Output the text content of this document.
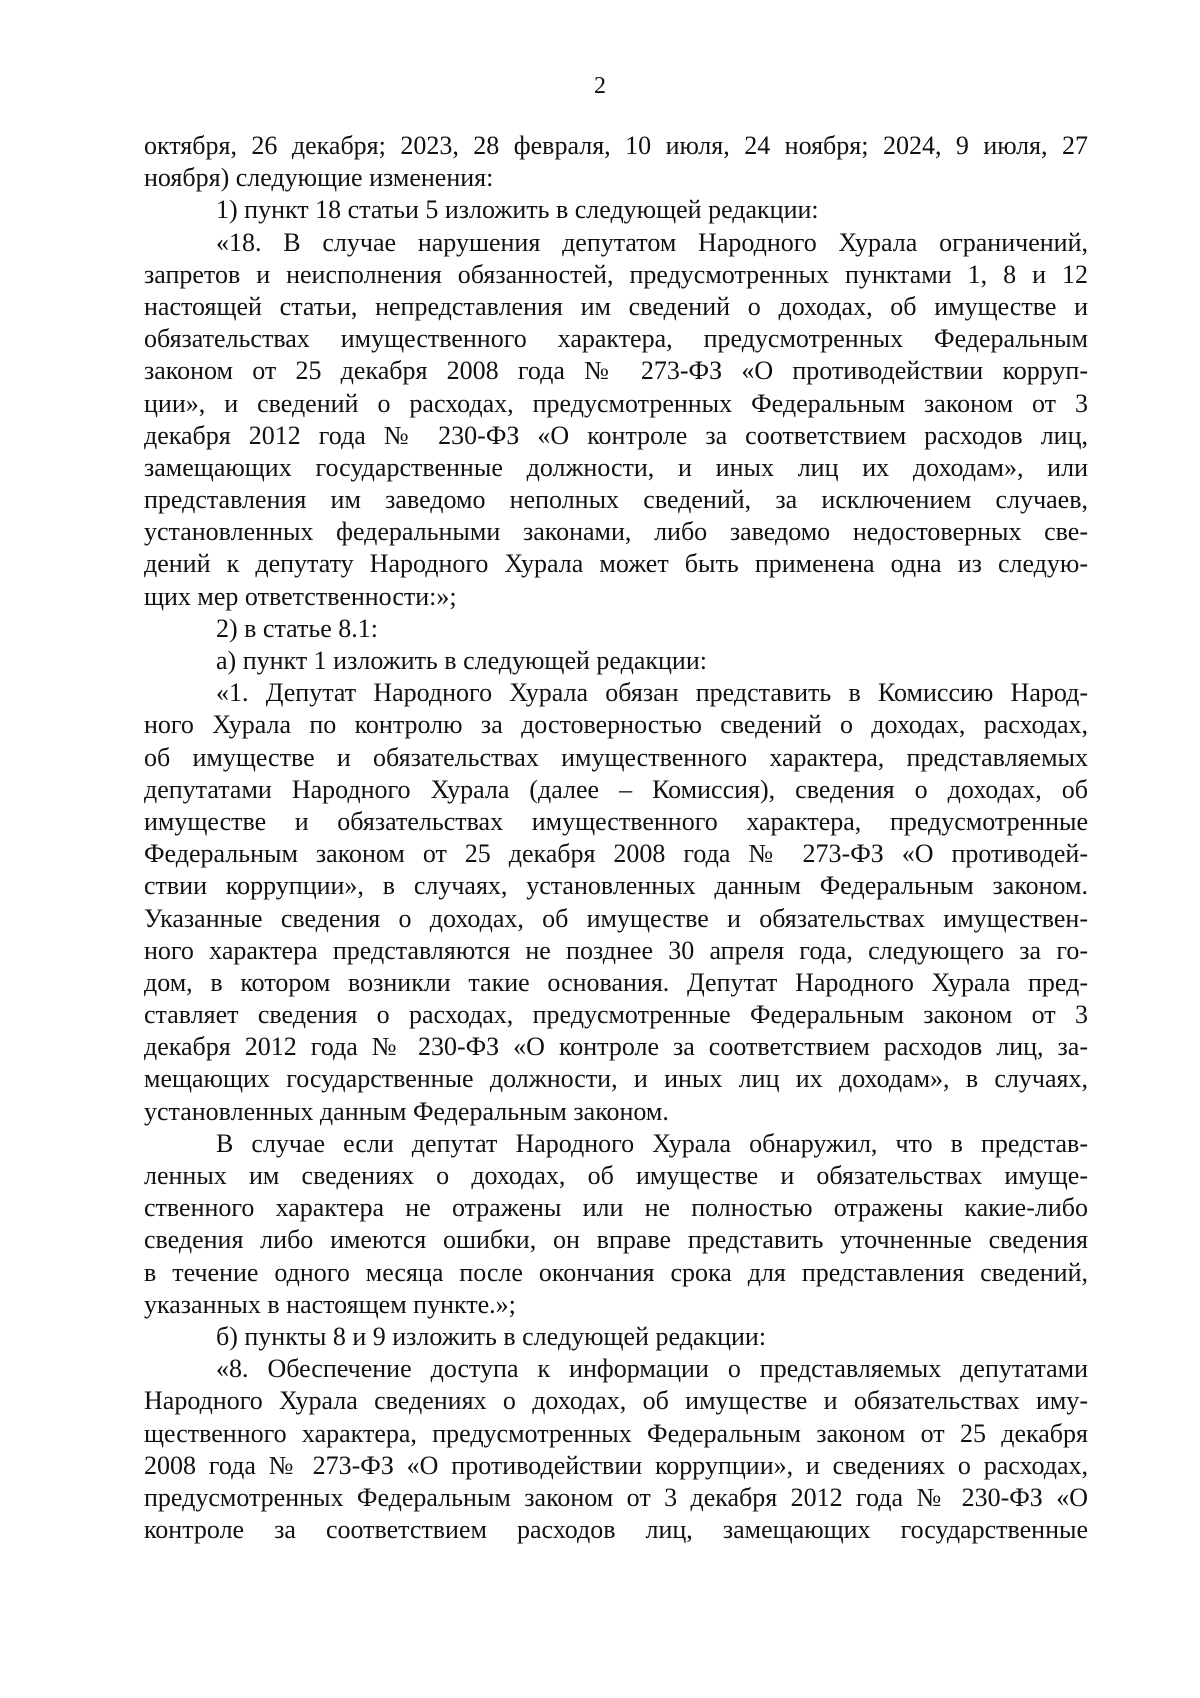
2
октября, 26 декабря; 2023, 28 февраля, 10 июля, 24 ноября; 2024, 9 июля, 27
ноября) следующие изменения:
1) пункт 18 статьи 5 изложить в следующей редакции:
«18. В случае нарушения депутатом Народного Хурала ограничений,
запретов и неисполнения обязанностей, предусмотренных пунктами 1, 8 и 12
настоящей статьи, непредставления им сведений о доходах, об имуществе и
обязательствах имущественного характера, предусмотренных Федеральным
законом от 25 декабря 2008 года № 273-ФЗ «О противодействии корруп-
ции», и сведений о расходах, предусмотренных Федеральным законом от 3
декабря 2012 года № 230-ФЗ «О контроле за соответствием расходов лиц,
замещающих государственные должности, и иных лиц их доходам», или
представления им заведомо неполных сведений, за исключением случаев,
установленных федеральными законами, либо заведомо недостоверных све-
дений к депутату Народного Хурала может быть применена одна из следую-
щих мер ответственности:»;
2) в статье 8.1:
а) пункт 1 изложить в следующей редакции:
«1. Депутат Народного Хурала обязан представить в Комиссию Народ-
ного Хурала по контролю за достоверностью сведений о доходах, расходах,
об имуществе и обязательствах имущественного характера, представляемых
депутатами Народного Хурала (далее – Комиссия), сведения о доходах, об
имуществе и обязательствах имущественного характера, предусмотренные
Федеральным законом от 25 декабря 2008 года № 273-ФЗ «О противодей-
ствии коррупции», в случаях, установленных данным Федеральным законом.
Указанные сведения о доходах, об имуществе и обязательствах имуществен-
ного характера представляются не позднее 30 апреля года, следующего за го-
дом, в котором возникли такие основания. Депутат Народного Хурала пред-
ставляет сведения о расходах, предусмотренные Федеральным законом от 3
декабря 2012 года № 230-ФЗ «О контроле за соответствием расходов лиц, за-
мещающих государственные должности, и иных лиц их доходам», в случаях,
установленных данным Федеральным законом.
В случае если депутат Народного Хурала обнаружил, что в представ-
ленных им сведениях о доходах, об имуществе и обязательствах имуще-
ственного характера не отражены или не полностью отражены какие-либо
сведения либо имеются ошибки, он вправе представить уточненные сведения
в течение одного месяца после окончания срока для представления сведений,
указанных в настоящем пункте.»;
б) пункты 8 и 9 изложить в следующей редакции:
«8. Обеспечение доступа к информации о представляемых депутатами
Народного Хурала сведениях о доходах, об имуществе и обязательствах иму-
щественного характера, предусмотренных Федеральным законом от 25 декабря
2008 года № 273-ФЗ «О противодействии коррупции», и сведениях о расходах,
предусмотренных Федеральным законом от 3 декабря 2012 года № 230-ФЗ «О
контроле за соответствием расходов лиц, замещающих государственные
